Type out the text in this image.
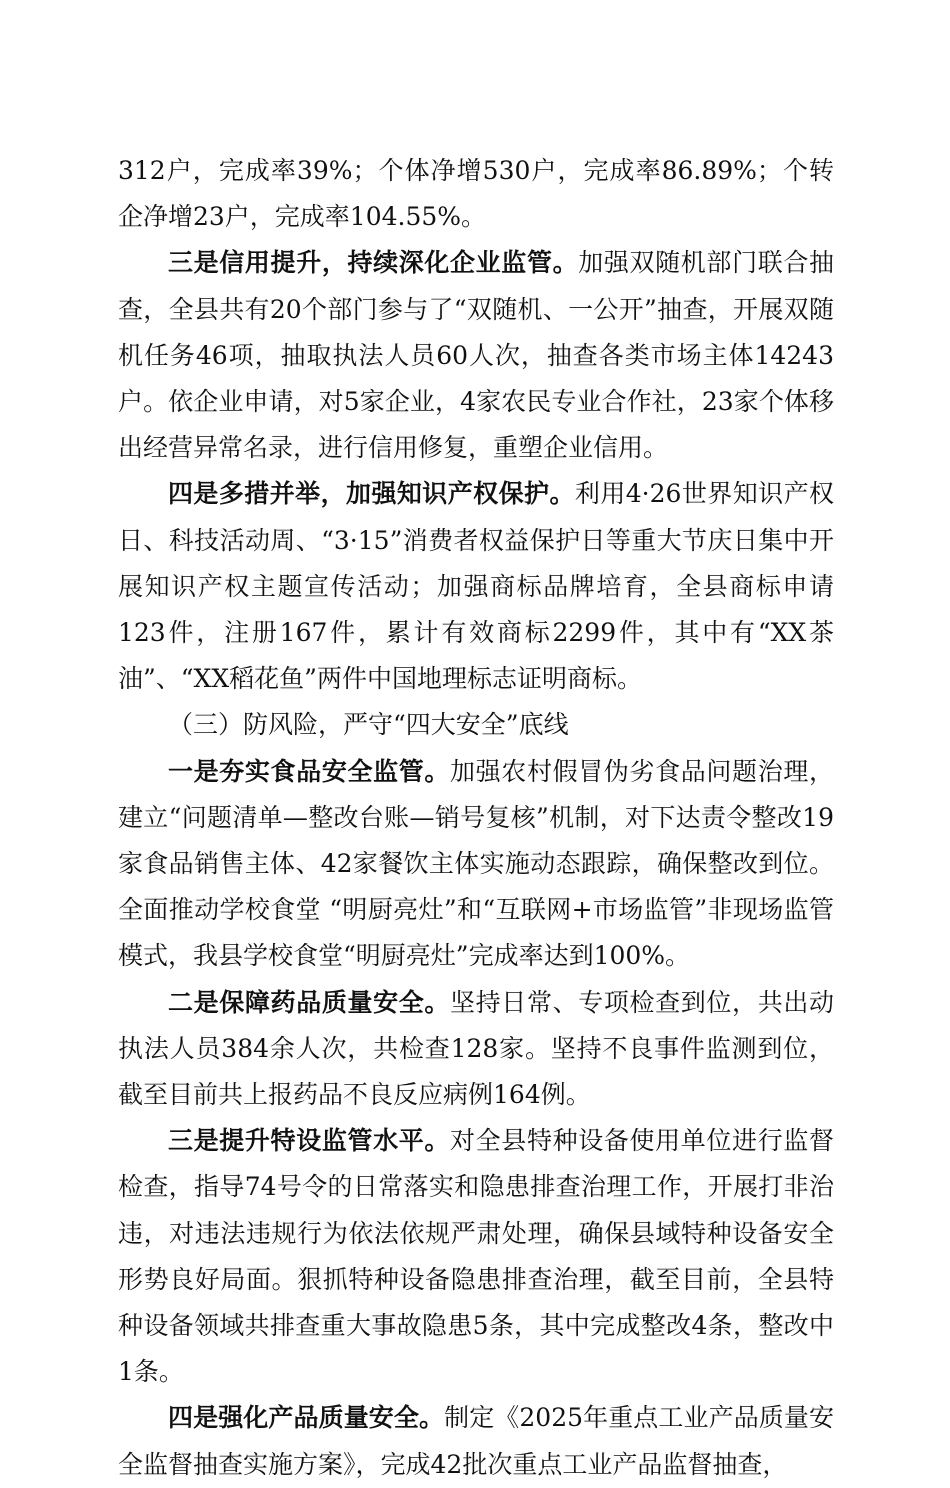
312户，完成率39%；个体净增530户，完成率86.89%；个转企净增23户，完成率104.55%。

三是信用提升，持续深化企业监管。加强双随机部门联合抽查，全县共有20个部门参与了“双随机、一公开”抽查，开展双随机任务46项，抽取执法人员60人次，抽查各类市场主体14243户。依企业申请，对5家企业，4家农民专业合作社，23家个体移出经营异常名录，进行信用修复，重塑企业信用。

四是多措并举，加强知识产权保护。利用4·26世界知识产权日、科技活动周、“3·15”消费者权益保护日等重大节庆日集中开展知识产权主题宣传活动；加强商标品牌培育，全县商标申请123件，注册167件，累计有效商标2299件，其中有“XX茶油”、“XX稻花鱼”两件中国地理标志证明商标。

（三）防风险，严守“四大安全”底线

一是夯实食品安全监管。加强农村假冒伪劣食品问题治理，建立“问题清单—整改台账—销号复核”机制，对下达责令整改19家食品销售主体、42家餐饮主体实施动态跟踪，确保整改到位。全面推动学校食堂 “明厨亮灶”和“互联网+市场监管”非现场监管模式，我县学校食堂“明厨亮灶”完成率达到100%。

二是保障药品质量安全。坚持日常、专项检查到位，共出动执法人员384余人次，共检查128家。坚持不良事件监测到位，截至目前共上报药品不良反应病例164例。

三是提升特设监管水平。对全县特种设备使用单位进行监督检查，指导74号令的日常落实和隐患排查治理工作，开展打非治违，对违法违规行为依法依规严肃处理，确保县域特种设备安全形势良好局面。狠抓特种设备隐患排查治理，截至目前，全县特种设备领域共排查重大事故隐患5条，其中完成整改4条，整改中1条。

四是强化产品质量安全。制定《2025年重点工业产品质量安全监督抽查实施方案》，完成42批次重点工业产品监督抽查，
